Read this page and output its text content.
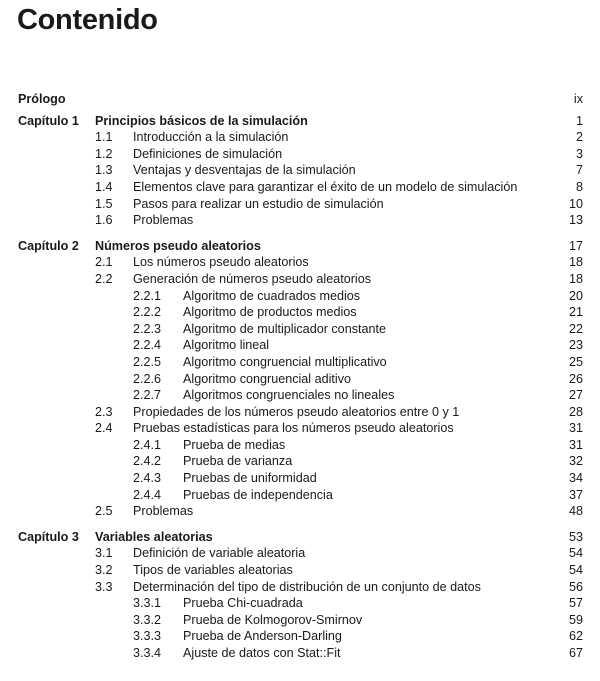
Contenido
Prólogo	ix
Capítulo 1 Principios básicos de la simulación	1
1.1 Introducción a la simulación	2
1.2 Definiciones de simulación	3
1.3 Ventajas y desventajas de la simulación	7
1.4 Elementos clave para garantizar el éxito de un modelo de simulación	8
1.5 Pasos para realizar un estudio de simulación	10
1.6 Problemas	13
Capítulo 2 Números pseudo aleatorios	17
2.1 Los números pseudo aleatorios	18
2.2 Generación de números pseudo aleatorios	18
2.2.1 Algoritmo de cuadrados medios	20
2.2.2 Algoritmo de productos medios	21
2.2.3 Algoritmo de multiplicador constante	22
2.2.4 Algoritmo lineal	23
2.2.5 Algoritmo congruencial multiplicativo	25
2.2.6 Algoritmo congruencial aditivo	26
2.2.7 Algoritmos congruenciales no lineales	27
2.3 Propiedades de los números pseudo aleatorios entre 0 y 1	28
2.4 Pruebas estadísticas para los números pseudo aleatorios	31
2.4.1 Prueba de medias	31
2.4.2 Prueba de varianza	32
2.4.3 Pruebas de uniformidad	34
2.4.4 Pruebas de independencia	37
2.5 Problemas	48
Capítulo 3 Variables aleatorias	53
3.1 Definición de variable aleatoria	54
3.2 Tipos de variables aleatorias	54
3.3 Determinación del tipo de distribución de un conjunto de datos	56
3.3.1 Prueba Chi-cuadrada	57
3.3.2 Prueba de Kolmogorov-Smirnov	59
3.3.3 Prueba de Anderson-Darling	62
3.3.4 Ajuste de datos con Stat::Fit	67
